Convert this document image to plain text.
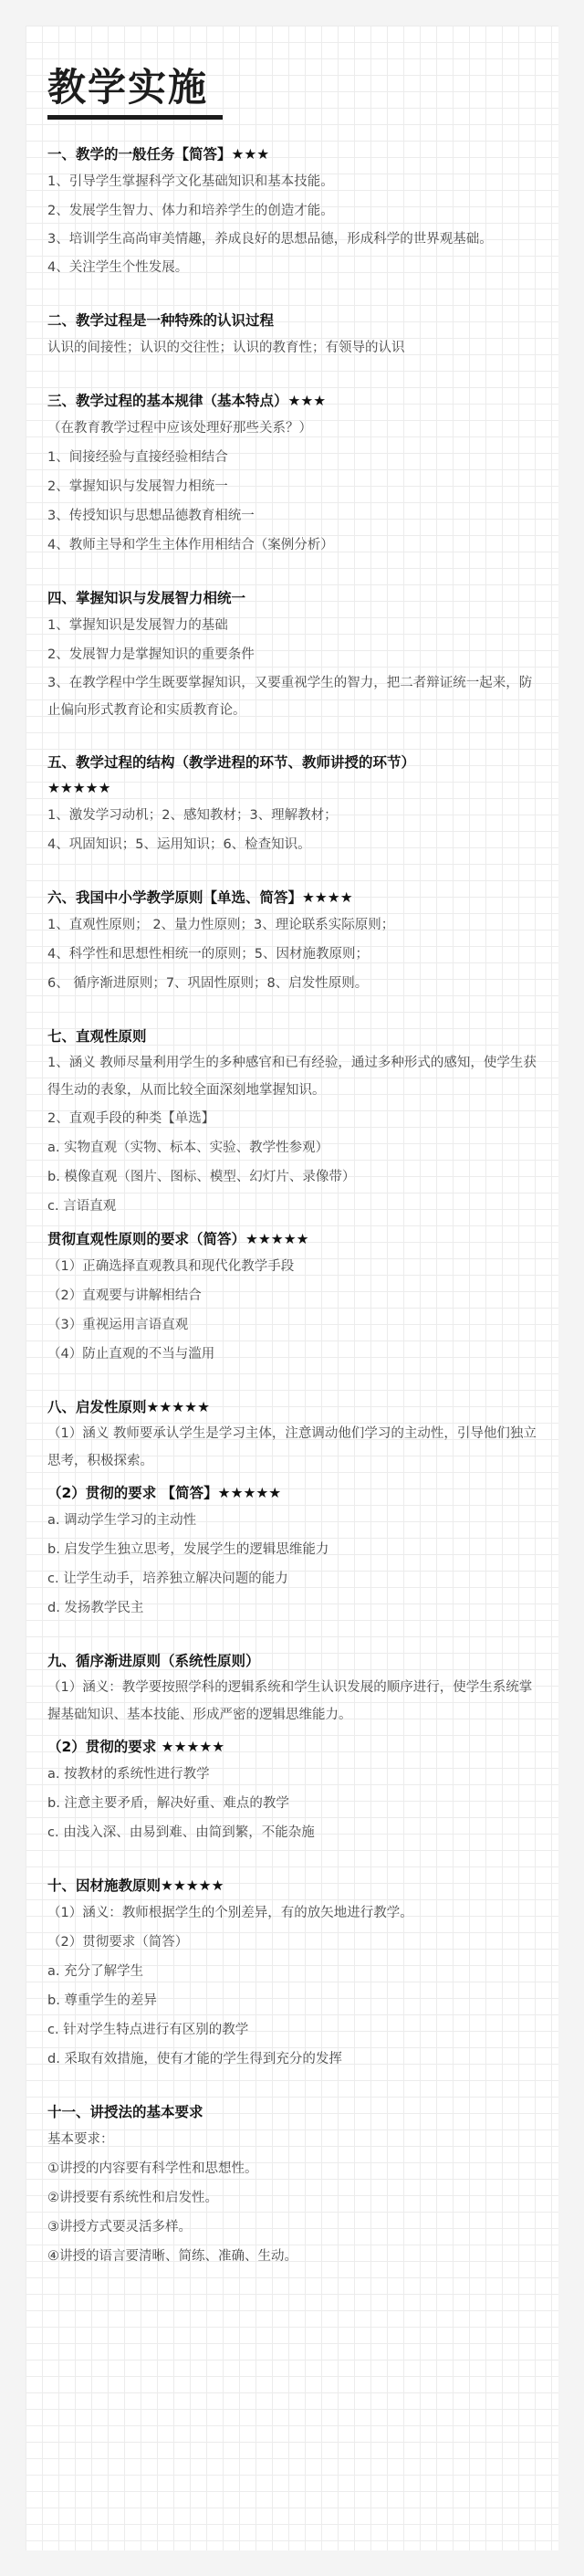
教学实施
一、教学的一般任务【简答】★★★
1、引导学生掌握科学文化基础知识和基本技能。
2、发展学生智力、体力和培养学生的创造才能。
3、培训学生高尚审美情趣，养成良好的思想品德，形成科学的世界观基础。
4、关注学生个性发展。
二、教学过程是一种特殊的认识过程
认识的间接性；认识的交往性；认识的教育性；有领导的认识
三、教学过程的基本规律（基本特点）★★★
（在教育教学过程中应该处理好那些关系？）
1、间接经验与直接经验相结合
2、掌握知识与发展智力相统一
3、传授知识与思想品德教育相统一
4、教师主导和学生主体作用相结合（案例分析）
四、掌握知识与发展智力相统一
1、掌握知识是发展智力的基础
2、发展智力是掌握知识的重要条件
3、在教学程中学生既要掌握知识，又要重视学生的智力，把二者辩证统一起来，防止偏向形式教育论和实质教育论。
五、教学过程的结构（教学进程的环节、教师讲授的环节）
★★★★★
1、激发学习动机；2、感知教材；3、理解教材；
4、巩固知识；5、运用知识；6、检查知识。
六、我国中小学教学原则【单选、简答】★★★★
1、直观性原则； 2、量力性原则；3、理论联系实际原则；
4、科学性和思想性相统一的原则；5、因材施教原则；
6、 循序渐进原则；7、巩固性原则；8、启发性原则。
七、直观性原则
1、涵义 教师尽量利用学生的多种感官和已有经验，通过多种形式的感知，使学生获得生动的表象，从而比较全面深刻地掌握知识。
2、直观手段的种类【单选】
a. 实物直观（实物、标本、实验、教学性参观）
b. 模像直观（图片、图标、模型、幻灯片、录像带）
c. 言语直观
贯彻直观性原则的要求（简答）★★★★★
（1）正确选择直观教具和现代化教学手段
（2）直观要与讲解相结合
（3）重视运用言语直观
（4）防止直观的不当与滥用
八、启发性原则★★★★★
（1）涵义 教师要承认学生是学习主体，注意调动他们学习的主动性，引导他们独立思考，积极探索。
（2）贯彻的要求 【简答】★★★★★
a. 调动学生学习的主动性
b. 启发学生独立思考，发展学生的逻辑思维能力
c. 让学生动手，培养独立解决问题的能力
d. 发扬教学民主
九、循序渐进原则（系统性原则）
（1）涵义：教学要按照学科的逻辑系统和学生认识发展的顺序进行，使学生系统掌握基础知识、基本技能、形成严密的逻辑思维能力。
（2）贯彻的要求 ★★★★★
a. 按教材的系统性进行教学
b. 注意主要矛盾，解决好重、难点的教学
c. 由浅入深、由易到难、由简到繁，不能杂施
十、因材施教原则★★★★★
（1）涵义：教师根据学生的个别差异，有的放矢地进行教学。
（2）贯彻要求（简答）
a. 充分了解学生
b. 尊重学生的差异
c. 针对学生特点进行有区别的教学
d. 采取有效措施，使有才能的学生得到充分的发挥
十一、讲授法的基本要求
基本要求：
①讲授的内容要有科学性和思想性。
②讲授要有系统性和启发性。
③讲授方式要灵活多样。
④讲授的语言要清晰、简练、准确、生动。
